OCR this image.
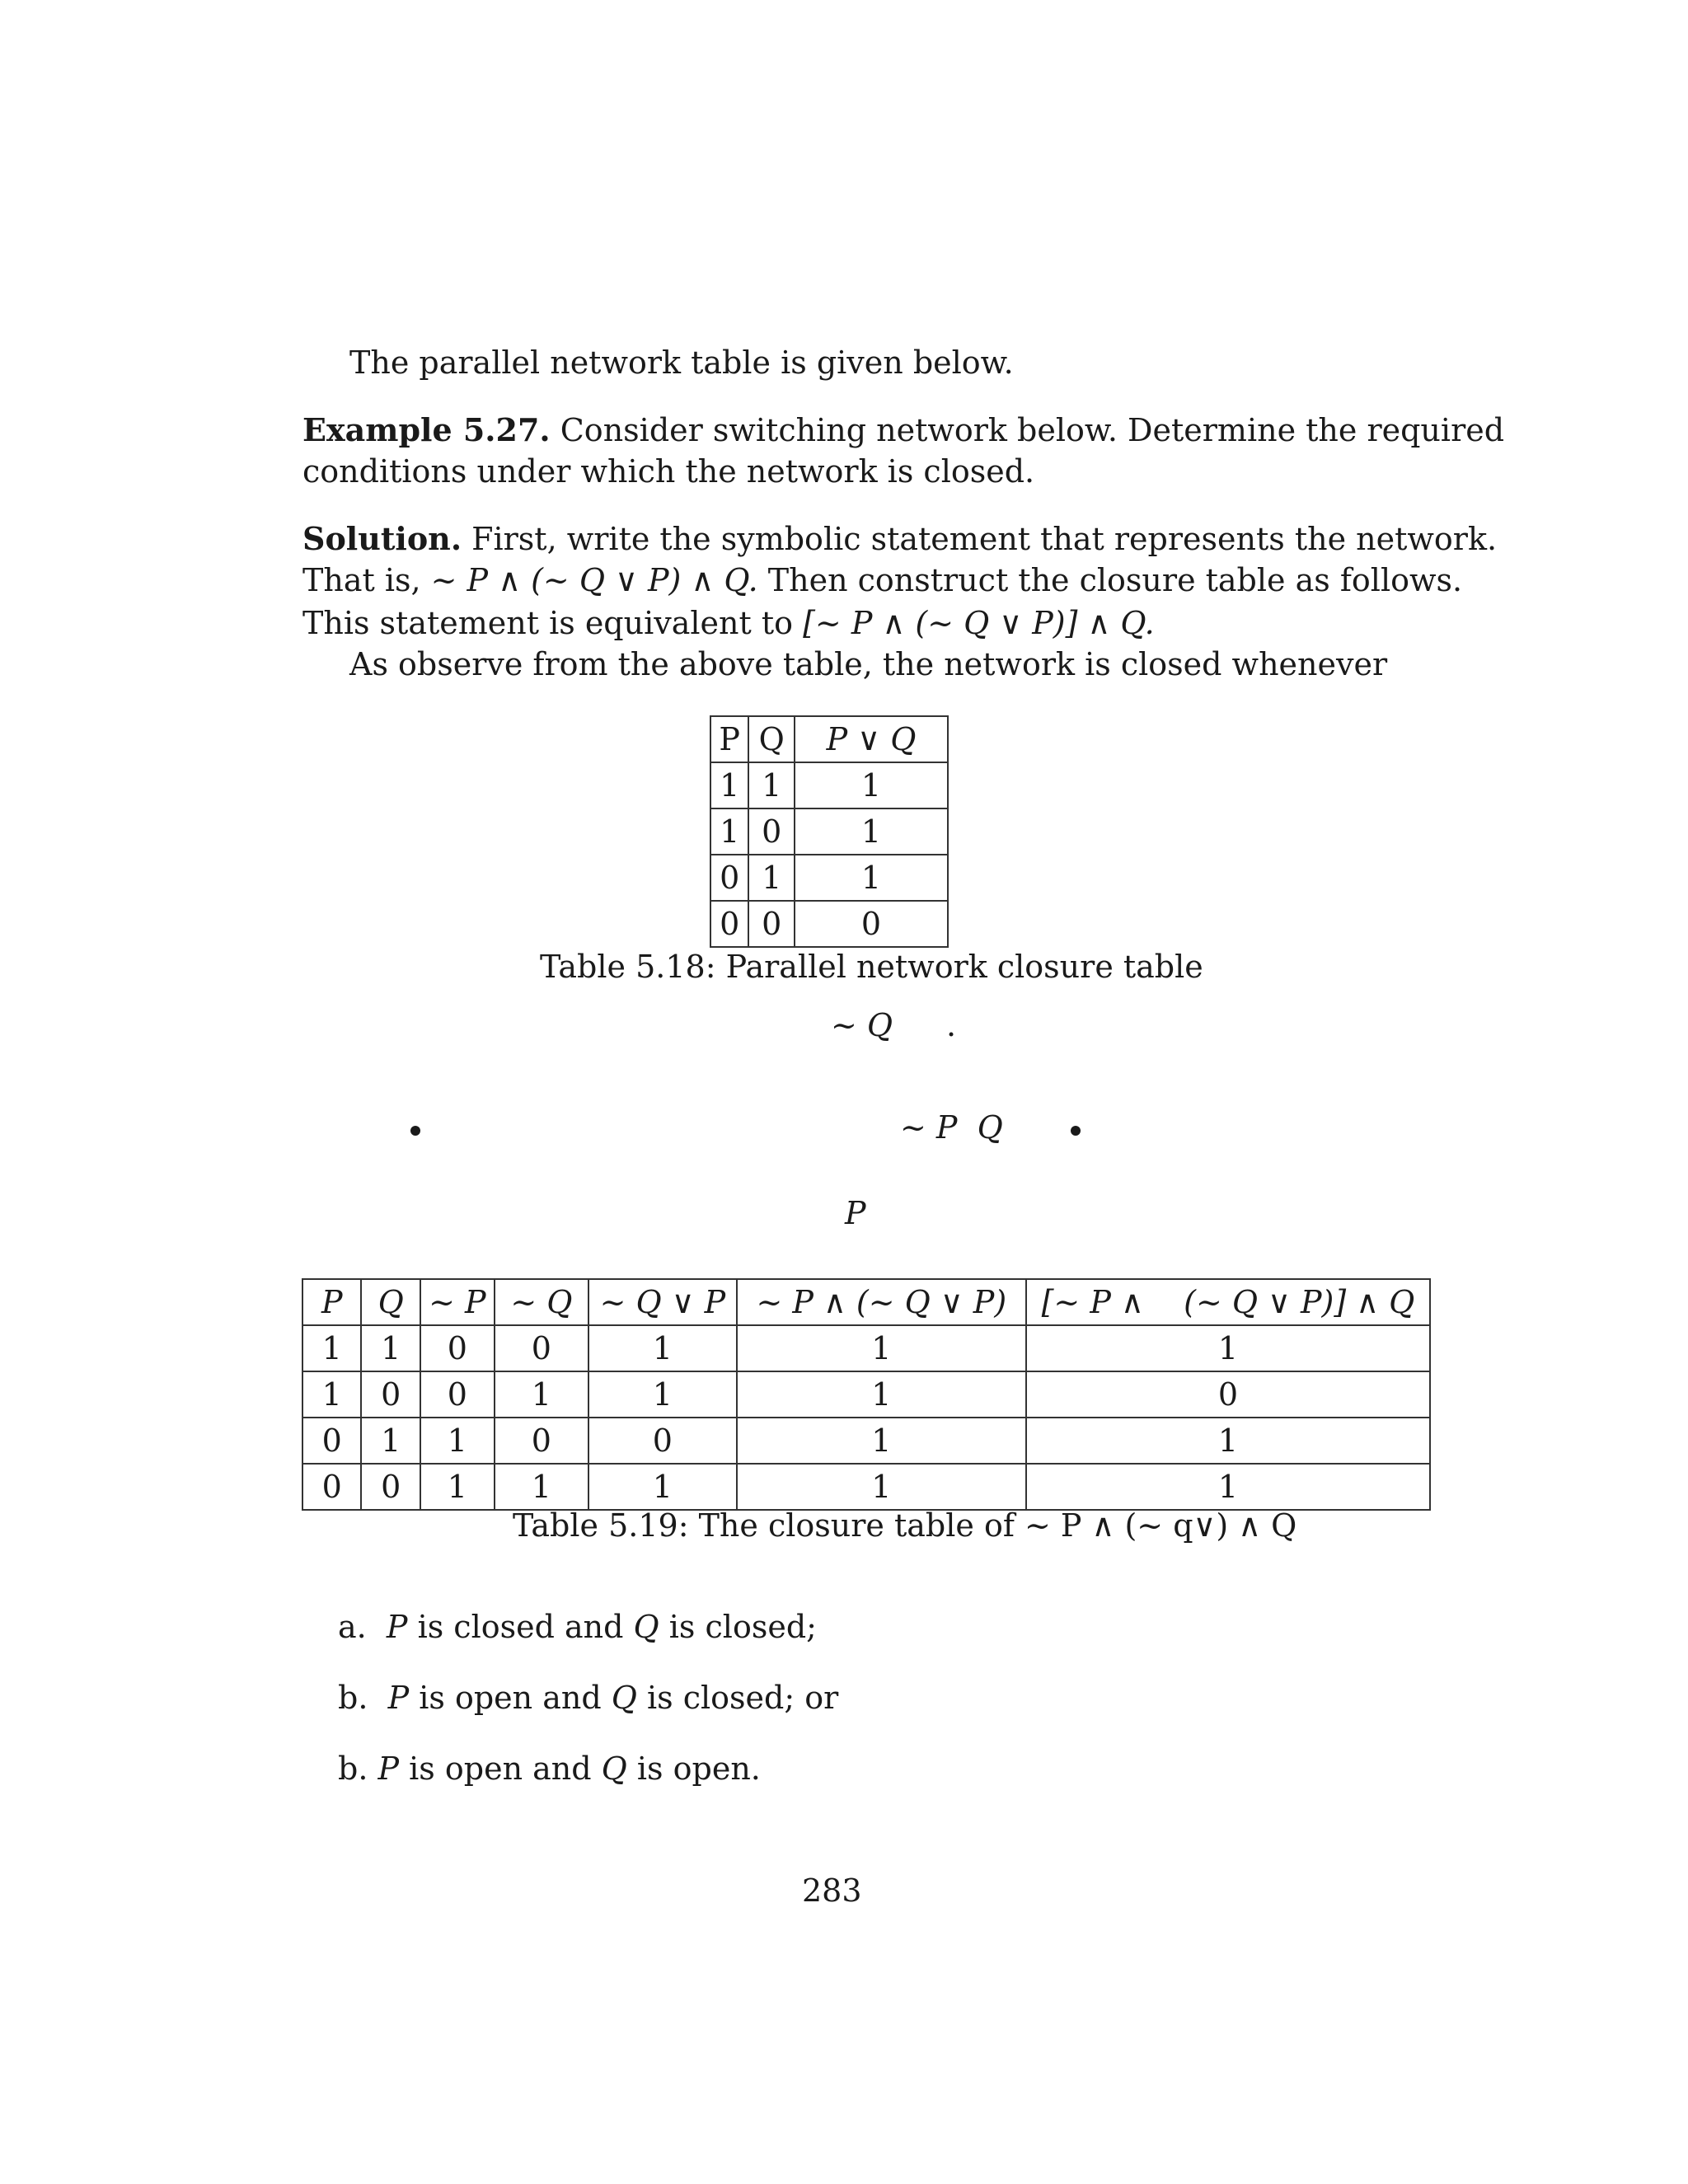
The parallel network table is given below.
Example 5.27. Consider switching network below. Determine the required
conditions under which the network is closed.
Solution. First, write the symbolic statement that represents the network.
That is, ~ P ∧ (~ Q ∨ P) ∧ Q. Then construct the closure table as follows.
This statement is equivalent to [~ P ∧ (~ Q ∨ P)] ∧ Q.
As observe from the above table, the network is closed whenever
P	Q	P ∨ Q
1	1	1
1	0	1
0	1	1
0	0	0
Table 5.18: Parallel network closure table
~ Q .
~ P  Q
P
P	Q	~ P	~ Q	~ Q ∨ P	~ P ∧ (~ Q ∨ P)	[~ P ∧    (~ Q ∨ P)] ∧ Q
1	1	0	0	1	1	1
1	0	0	1	1	1	0
0	1	1	0	0	1	1
0	0	1	1	1	1	1
Table 5.19: The closure table of ~ P ∧ (~ q∨) ∧ Q
a. P is closed and Q is closed;
b. P is open and Q is closed; or
b. P is open and Q is open.
283
